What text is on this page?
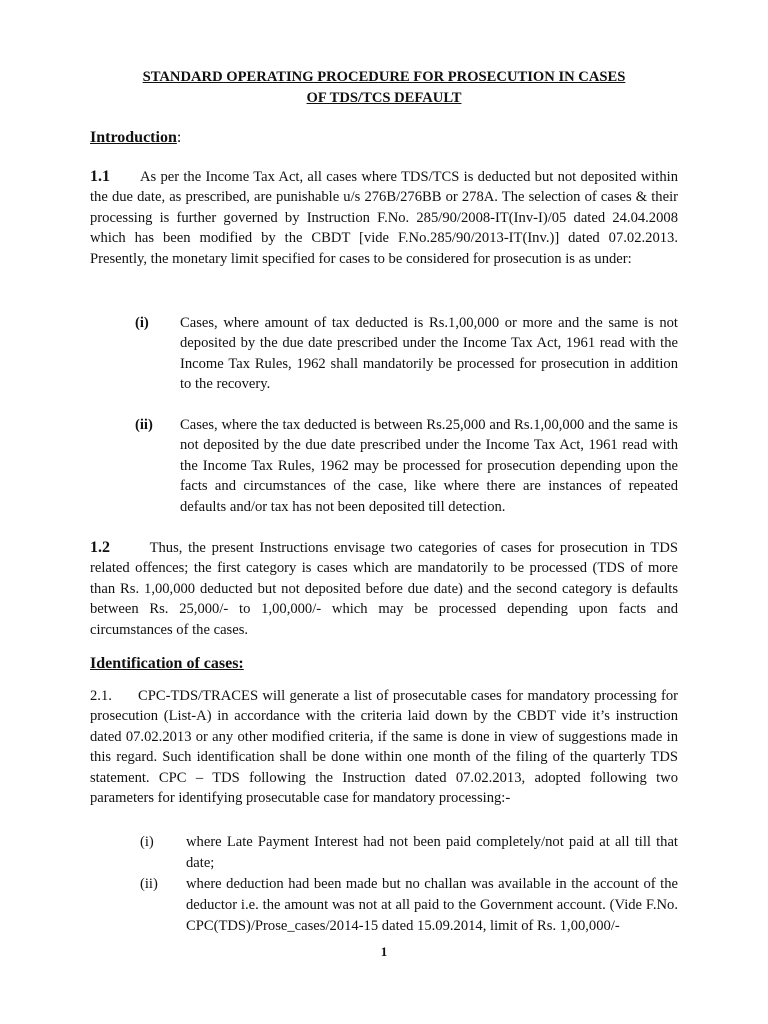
STANDARD OPERATING PROCEDURE FOR PROSECUTION IN CASES
OF TDS/TCS DEFAULT
Introduction:

1.1 As per the Income Tax Act, all cases where TDS/TCS is deducted but not deposited within the due date, as prescribed, are punishable u/s 276B/276BB or 278A. The selection of cases & their processing is further governed by Instruction F.No. 285/90/2008-IT(Inv-I)/05 dated 24.04.2008 which has been modified by the CBDT [vide F.No.285/90/2013-IT(Inv.)] dated 07.02.2013. Presently, the monetary limit specified for cases to be considered for prosecution is as under:

(i) Cases, where amount of tax deducted is Rs.1,00,000 or more and the same is not deposited by the due date prescribed under the Income Tax Act, 1961 read with the Income Tax Rules, 1962 shall mandatorily be processed for prosecution in addition to the recovery.

(ii) Cases, where the tax deducted is between Rs.25,000 and Rs.1,00,000 and the same is not deposited by the due date prescribed under the Income Tax Act, 1961 read with the Income Tax Rules, 1962 may be processed for prosecution depending upon the facts and circumstances of the case, like where there are instances of repeated defaults and/or tax has not been deposited till detection.

1.2	Thus, the present Instructions envisage two categories of cases for prosecution in TDS related offences; the first category is cases which are mandatorily to be processed (TDS of more than Rs. 1,00,000 deducted but not deposited before due date) and the second category is defaults between Rs. 25,000/- to 1,00,000/- which may be processed depending upon facts and circumstances of the cases.

Identification of cases:

2.1. CPC-TDS/TRACES will generate a list of prosecutable cases for mandatory processing for prosecution (List-A) in accordance with the criteria laid down by the CBDT vide it’s instruction dated 07.02.2013 or any other modified criteria, if the same is done in view of suggestions made in this regard. Such identification shall be done within one month of the filing of the quarterly TDS statement. CPC – TDS following the Instruction dated 07.02.2013, adopted following two parameters for identifying prosecutable case for mandatory processing:-

(i) where Late Payment Interest had not been paid completely/not paid at all till that date;

(ii) where deduction had been made but no challan was available in the account of the deductor i.e. the amount was not at all paid to the Government account. (Vide F.No. CPC(TDS)/Prose_cases/2014-15 dated 15.09.2014, limit of Rs. 1,00,000/-

1
